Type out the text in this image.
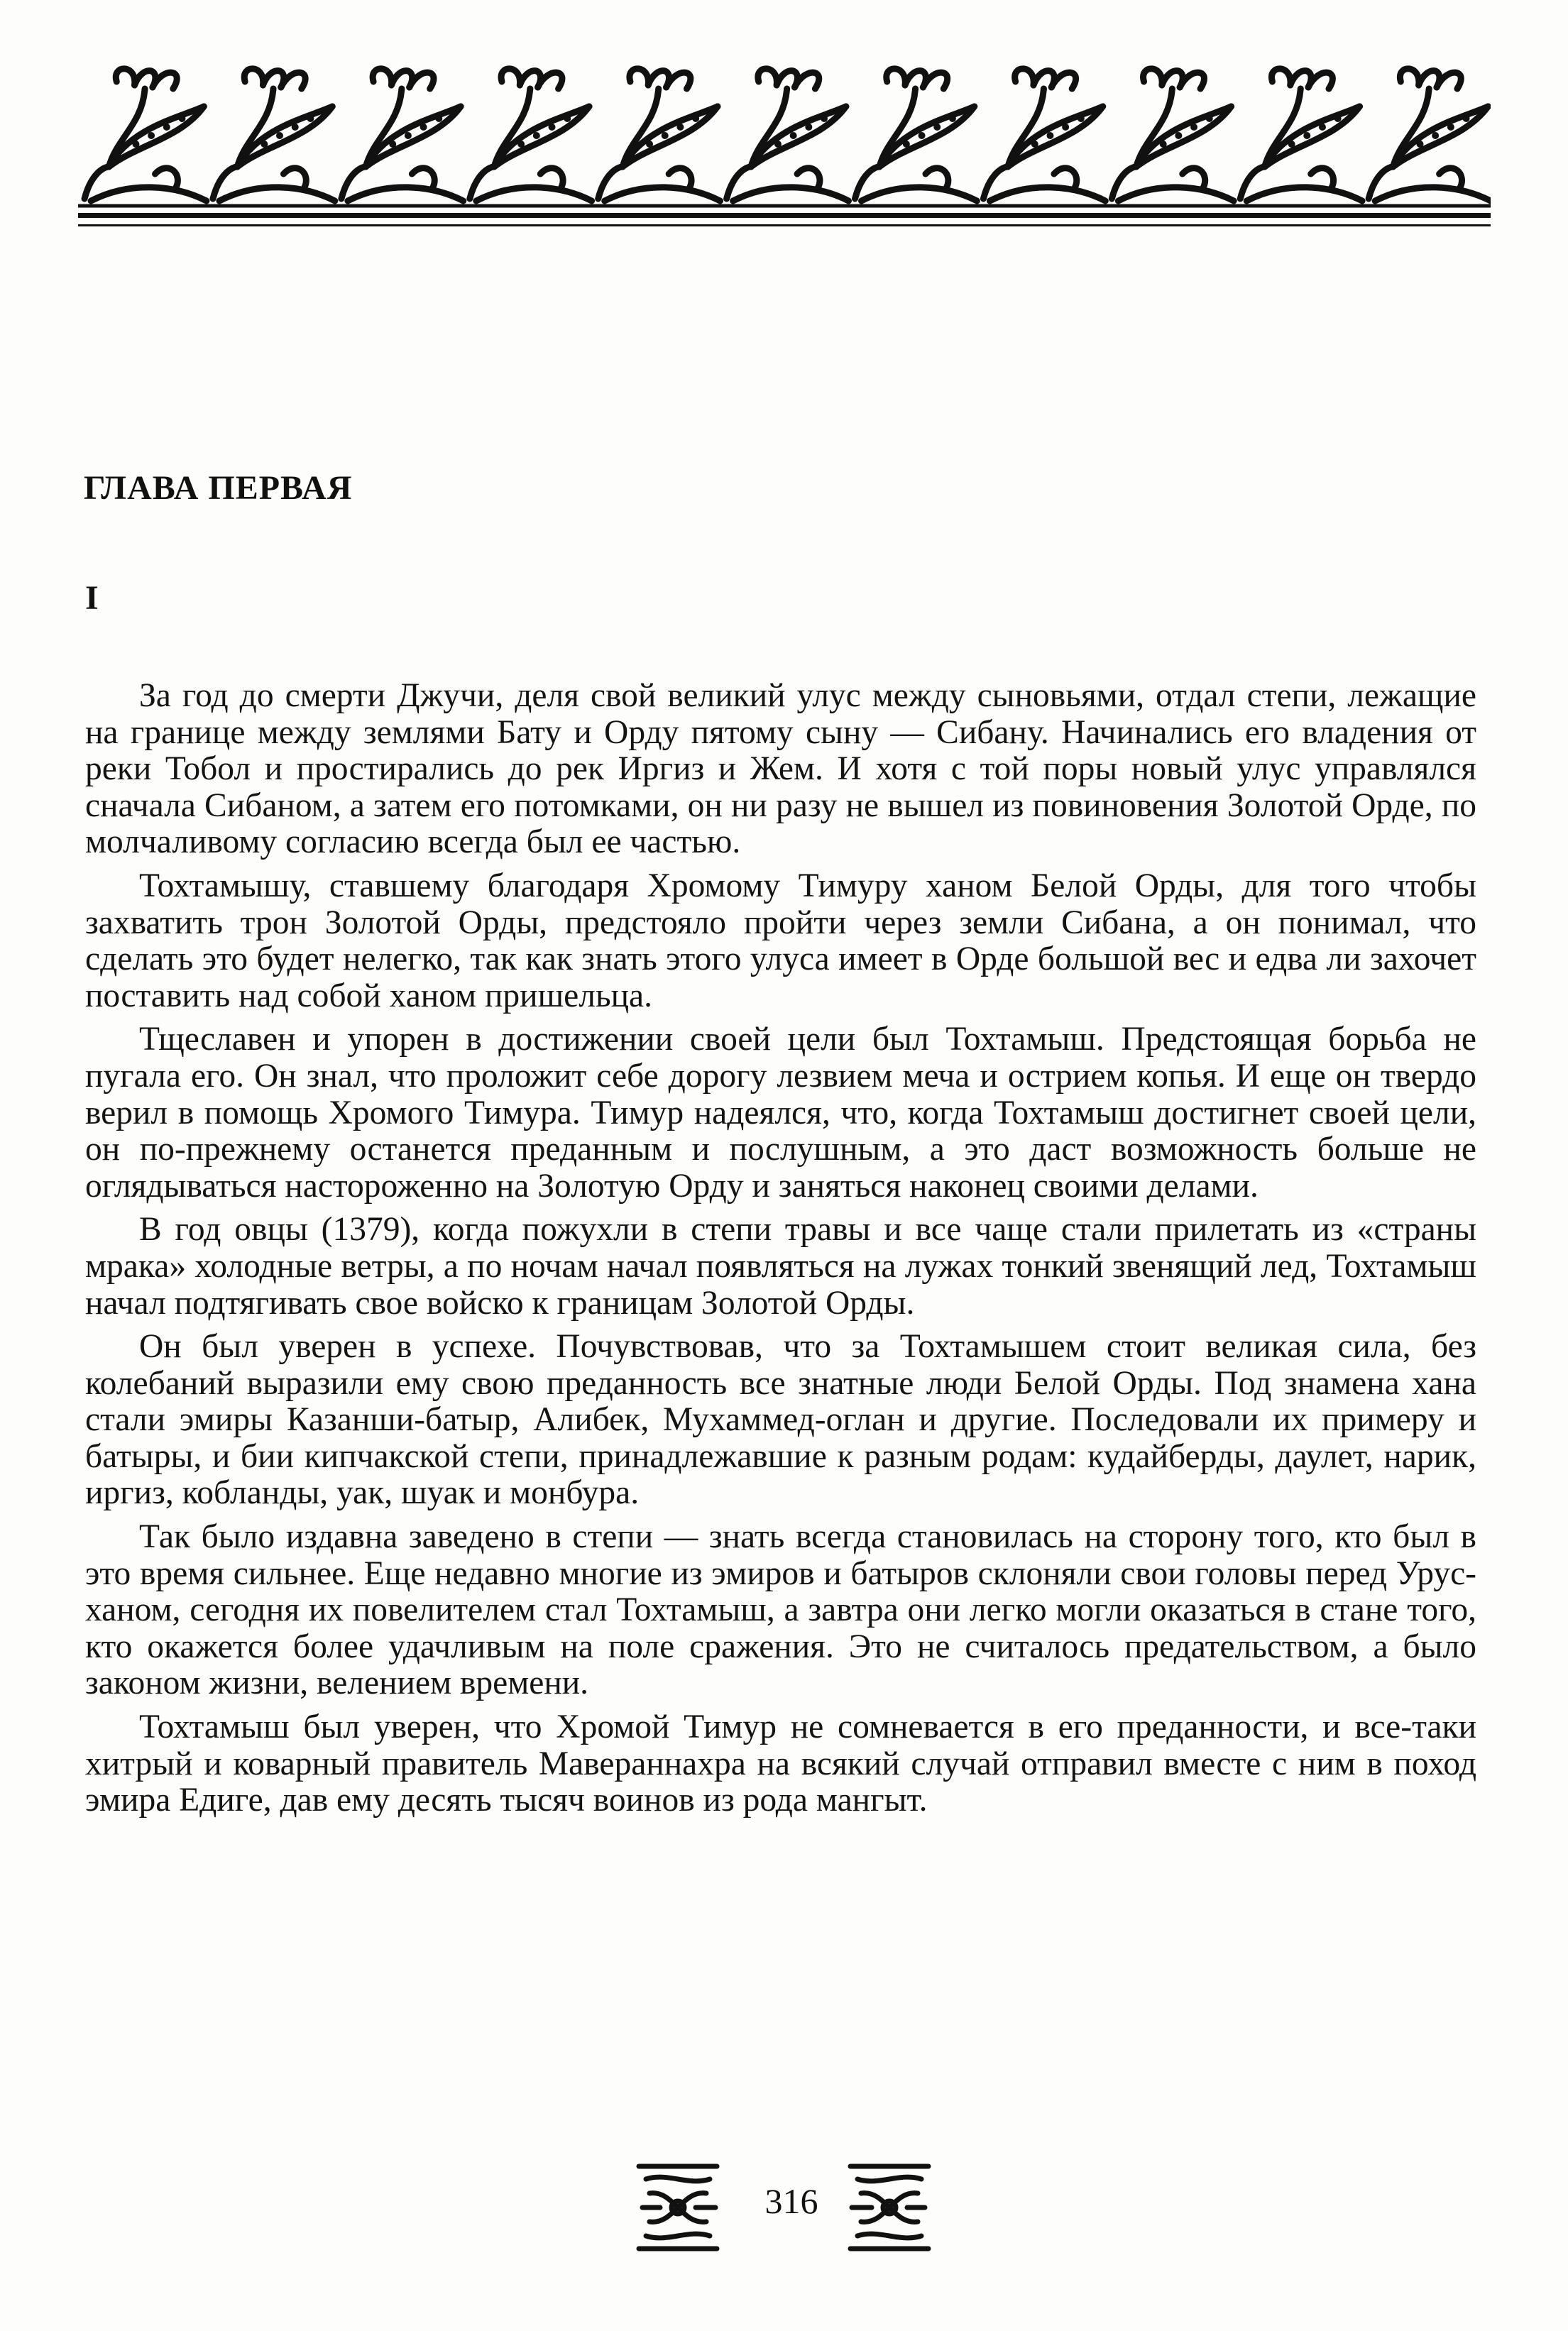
ГЛАВА ПЕРВАЯ
I

За год до смерти Джучи, деля свой великий улус между сыновьями, отдал степи, лежащие на границе между землями Бату и Орду пятому сыну — Сибану. Начинались его владения от реки Тобол и простирались до рек Иргиз и Жем. И хотя с той поры новый улус управлялся сначала Сибаном, а затем его потомками, он ни разу не вышел из повиновения Золотой Орде, по молчаливому согласию всегда был ее частью.

Тохтамышу, ставшему благодаря Хромому Тимуру ханом Белой Орды, для того чтобы захватить трон Золотой Орды, предстояло пройти через земли Сибана, а он понимал, что сделать это будет нелегко, так как знать этого улуса имеет в Орде большой вес и едва ли захочет поставить над собой ханом пришельца.

Тщеславен и упорен в достижении своей цели был Тохтамыш. Предстоящая борьба не пугала его. Он знал, что проложит себе дорогу лезвием меча и острием копья. И еще он твердо верил в помощь Хромого Тимура. Тимур надеялся, что, когда Тохтамыш достигнет своей цели, он по-прежнему останется преданным и послушным, а это даст возможность больше не оглядываться настороженно на Золотую Орду и заняться наконец своими делами.

В год овцы (1379), когда пожухли в степи травы и все чаще стали прилетать из «страны мрака» холодные ветры, а по ночам начал появляться на лужах тонкий звенящий лед, Тохтамыш начал подтягивать свое войско к границам Золотой Орды.

Он был уверен в успехе. Почувствовав, что за Тохтамышем стоит великая сила, без колебаний выразили ему свою преданность все знатные люди Белой Орды. Под знамена хана стали эмиры Казанши-батыр, Алибек, Мухаммед-оглан и другие. Последовали их примеру и батыры, и бии кипчакской степи, принадлежавшие к разным родам: кудайберды, даулет, нарик, иргиз, кобланды, уак, шуак и монбура.

Так было издавна заведено в степи — знать всегда становилась на сторону того, кто был в это время сильнее. Еще недавно многие из эмиров и батыров склоняли свои головы перед Урус-ханом, сегодня их повелителем стал Тохтамыш, а завтра они легко могли оказаться в стане того, кто окажется более удачливым на поле сражения. Это не считалось предательством, а было законом жизни, велением времени.

Тохтамыш был уверен, что Хромой Тимур не сомневается в его преданности, и все-таки хитрый и коварный правитель Мавераннахра на всякий случай отправил вместе с ним в поход эмира Едиге, дав ему десять тысяч воинов из рода мангыт.

316
